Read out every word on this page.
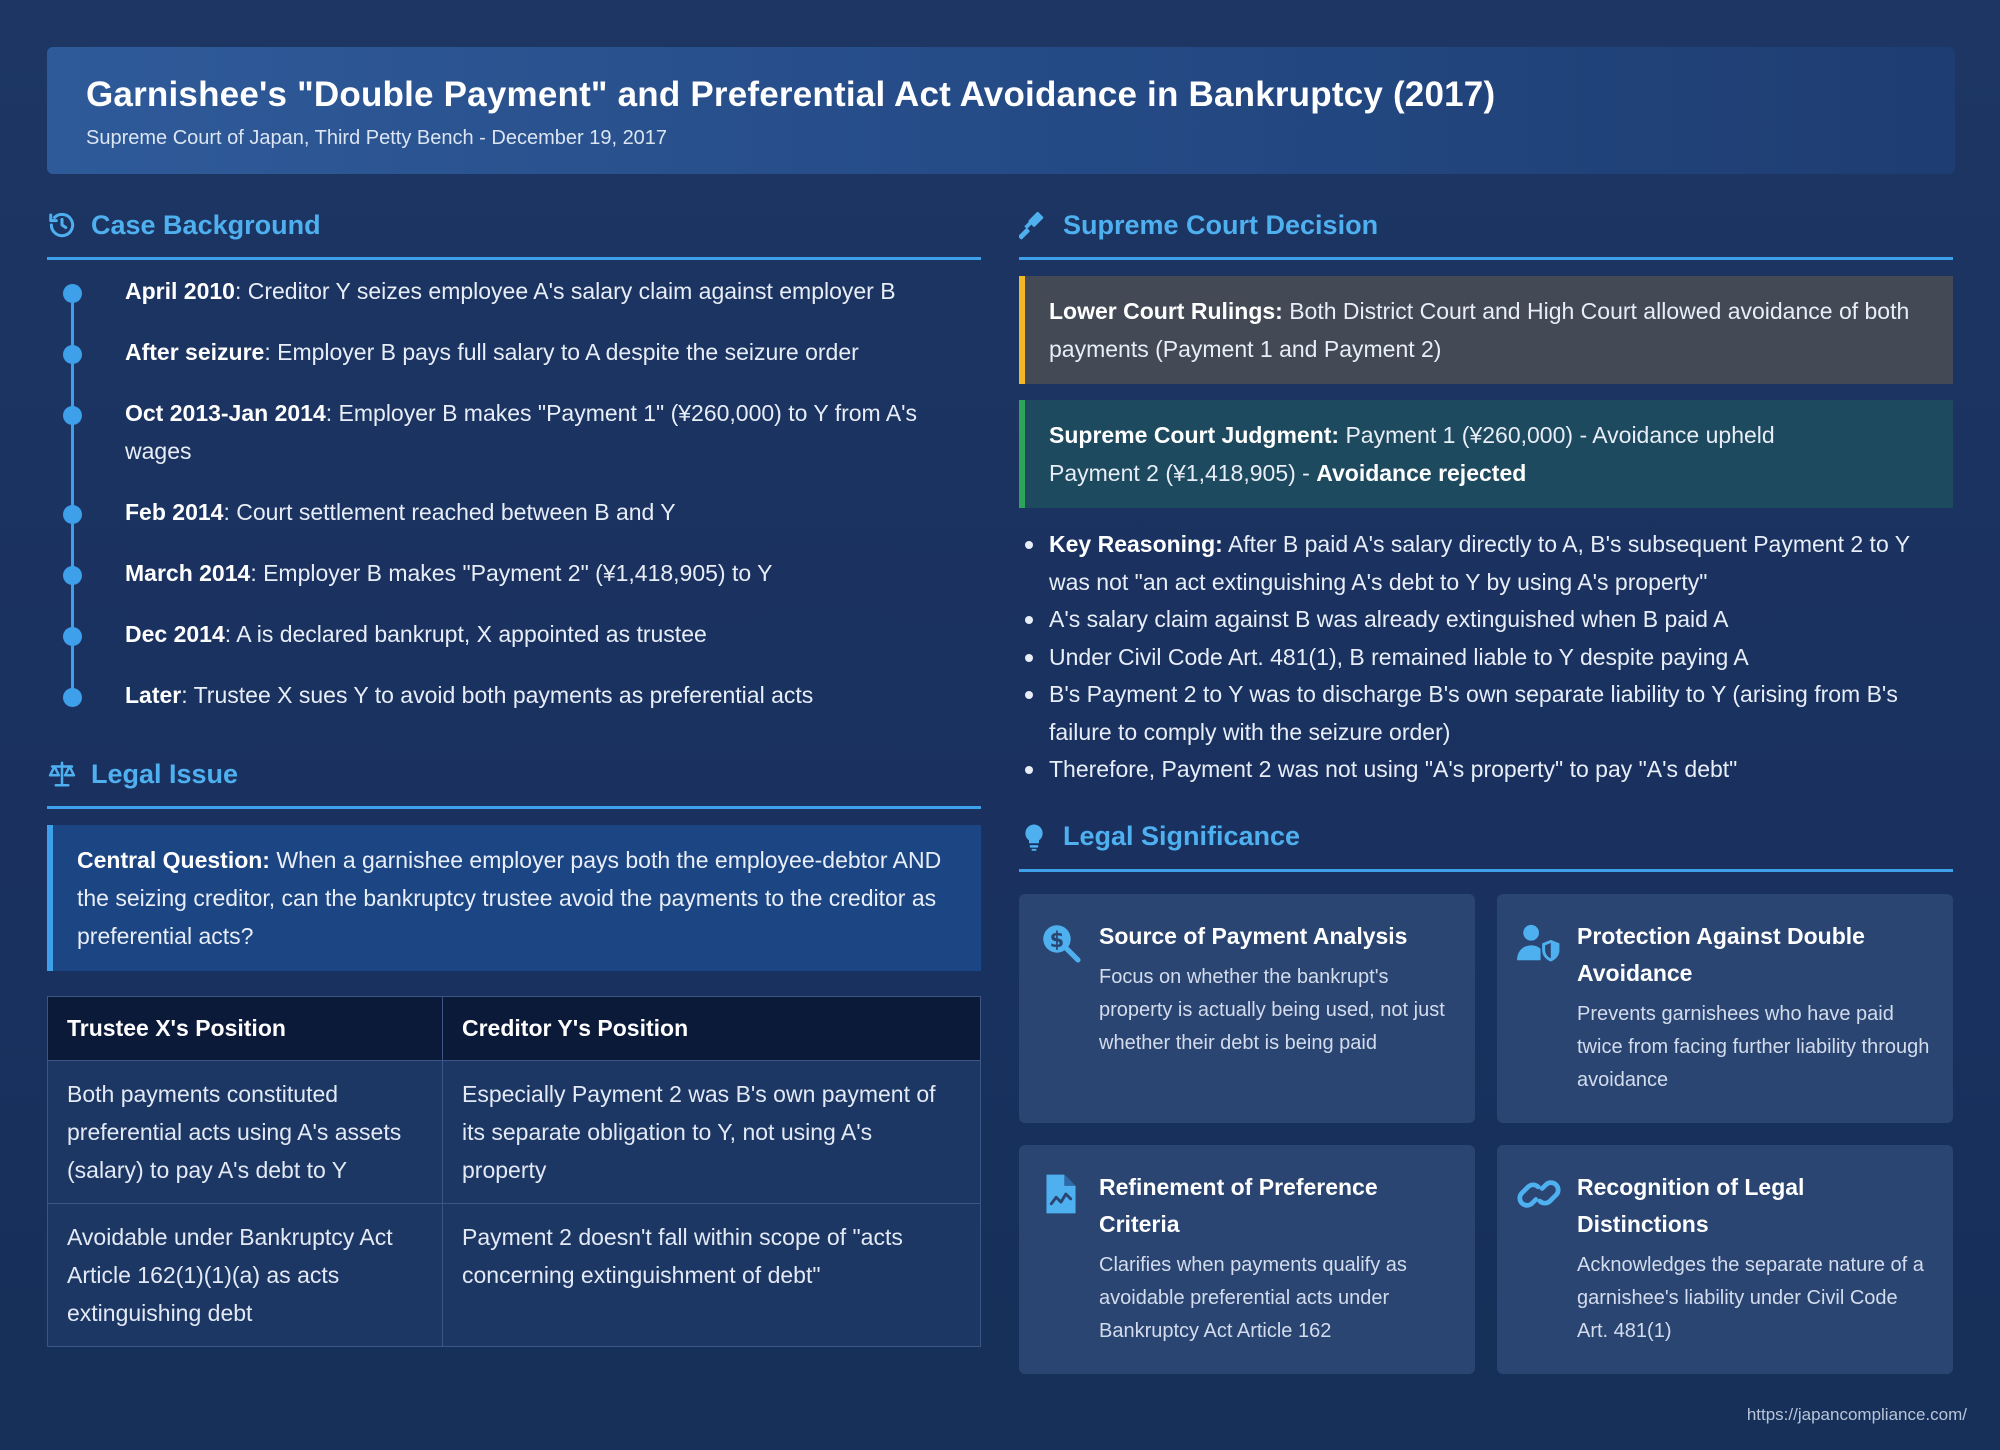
Garnishee's "Double Payment" and Preferential Act Avoidance in Bankruptcy (2017)
Supreme Court of Japan, Third Petty Bench - December 19, 2017
Case Background
April 2010: Creditor Y seizes employee A's salary claim against employer B
After seizure: Employer B pays full salary to A despite the seizure order
Oct 2013-Jan 2014: Employer B makes "Payment 1" (¥260,000) to Y from A's wages
Feb 2014: Court settlement reached between B and Y
March 2014: Employer B makes "Payment 2" (¥1,418,905) to Y
Dec 2014: A is declared bankrupt, X appointed as trustee
Later: Trustee X sues Y to avoid both payments as preferential acts
Legal Issue
Central Question: When a garnishee employer pays both the employee-debtor AND the seizing creditor, can the bankruptcy trustee avoid the payments to the creditor as preferential acts?
Trustee X's Position	Creditor Y's Position
Both payments constituted preferential acts using A's assets (salary) to pay A's debt to Y	Especially Payment 2 was B's own payment of its separate obligation to Y, not using A's property
Avoidable under Bankruptcy Act Article 162(1)(1)(a) as acts extinguishing debt	Payment 2 doesn't fall within scope of "acts concerning extinguishment of debt"
Supreme Court Decision
Lower Court Rulings: Both District Court and High Court allowed avoidance of both payments (Payment 1 and Payment 2)
Supreme Court Judgment: Payment 1 (¥260,000) - Avoidance upheld
Payment 2 (¥1,418,905) - Avoidance rejected
Key Reasoning: After B paid A's salary directly to A, B's subsequent Payment 2 to Y was not "an act extinguishing A's debt to Y by using A's property"
A's salary claim against B was already extinguished when B paid A
Under Civil Code Art. 481(1), B remained liable to Y despite paying A
B's Payment 2 to Y was to discharge B's own separate liability to Y (arising from B's failure to comply with the seizure order)
Therefore, Payment 2 was not using "A's property" to pay "A's debt"
Legal Significance
$ Source of Payment Analysis

Focus on whether the bankrupt's property is actually being used, not just whether their debt is being paid

Protection Against Double Avoidance

Prevents garnishees who have paid twice from facing further liability through avoidance

Refinement of Preference Criteria

Clarifies when payments qualify as avoidable preferential acts under Bankruptcy Act Article 162

Recognition of Legal Distinctions

Acknowledges the separate nature of a garnishee's liability under Civil Code Art. 481(1)

https://japancompliance.com/
